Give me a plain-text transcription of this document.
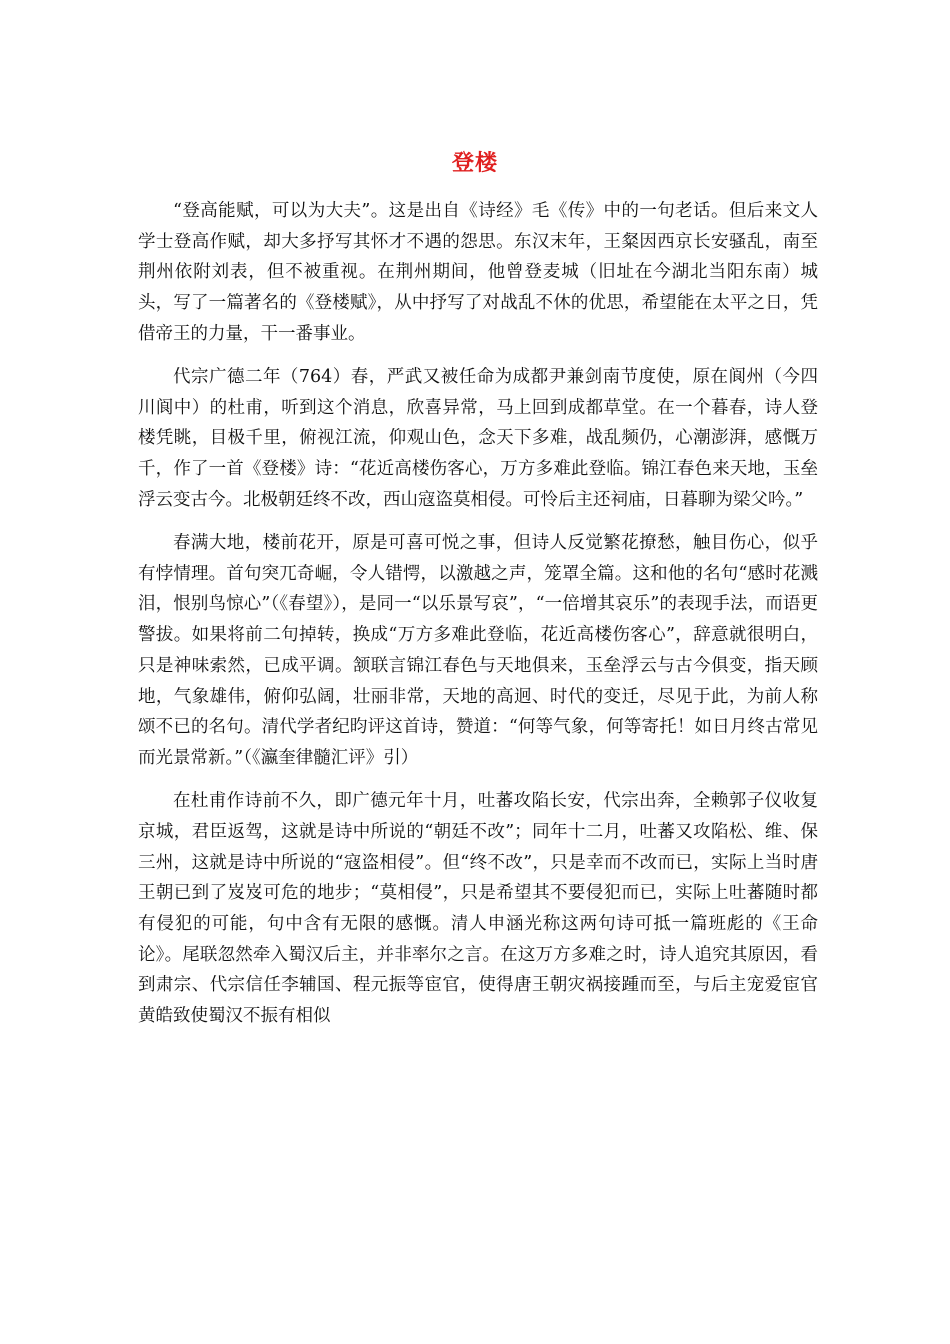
登楼

“登高能赋，可以为大夫”。这是出自《诗经》毛《传》中的一句老话。但后来文人学士登高作赋，却大多抒写其怀才不遇的怨思。东汉末年，王粲因西京长安骚乱，南至荆州依附刘表，但不被重视。在荆州期间，他曾登麦城（旧址在今湖北当阳东南）城头，写了一篇著名的《登楼赋》，从中抒写了对战乱不休的优思，希望能在太平之日，凭借帝王的力量，干一番事业。

代宗广德二年（764）春，严武又被任命为成都尹兼剑南节度使，原在阆州（今四川阆中）的杜甫，听到这个消息，欣喜异常，马上回到成都草堂。在一个暮春，诗人登楼凭眺，目极千里，俯视江流，仰观山色，念天下多难，战乱频仍，心潮澎湃，感慨万千，作了一首《登楼》诗：“花近高楼伤客心，万方多难此登临。锦江春色来天地，玉垒浮云变古今。北极朝廷终不改，西山寇盗莫相侵。可怜后主还祠庙，日暮聊为梁父吟。”

春满大地，楼前花开，原是可喜可悦之事，但诗人反觉繁花撩愁，触目伤心，似乎有悖情理。首句突兀奇崛，令人错愕，以激越之声，笼罩全篇。这和他的名句“感时花溅泪，恨别鸟惊心”（《春望》），是同一“以乐景写哀”，“一倍增其哀乐”的表现手法，而语更警拔。如果将前二句掉转，换成“万方多难此登临，花近高楼伤客心”，辞意就很明白，只是神味索然，已成平调。颔联言锦江春色与天地俱来，玉垒浮云与古今俱变，指天顾地，气象雄伟，俯仰弘阔，壮丽非常，天地的高迥、时代的变迁，尽见于此，为前人称颂不已的名句。清代学者纪昀评这首诗，赞道：“何等气象，何等寄托！如日月终古常见而光景常新。”（《瀛奎律髓汇评》引）

在杜甫作诗前不久，即广德元年十月，吐蕃攻陷长安，代宗出奔，全赖郭子仪收复京城，君臣返驾，这就是诗中所说的“朝廷不改”；同年十二月，吐蕃又攻陷松、维、保三州，这就是诗中所说的“寇盗相侵”。但“终不改”，只是幸而不改而已，实际上当时唐王朝已到了岌岌可危的地步；“莫相侵”，只是希望其不要侵犯而已，实际上吐蕃随时都有侵犯的可能，句中含有无限的感慨。清人申涵光称这两句诗可抵一篇班彪的《王命论》。尾联忽然牵入蜀汉后主，并非率尔之言。在这万方多难之时，诗人追究其原因，看到肃宗、代宗信任李辅国、程元振等宦官，使得唐王朝灾祸接踵而至，与后主宠爱宦官黄皓致使蜀汉不振有相似
